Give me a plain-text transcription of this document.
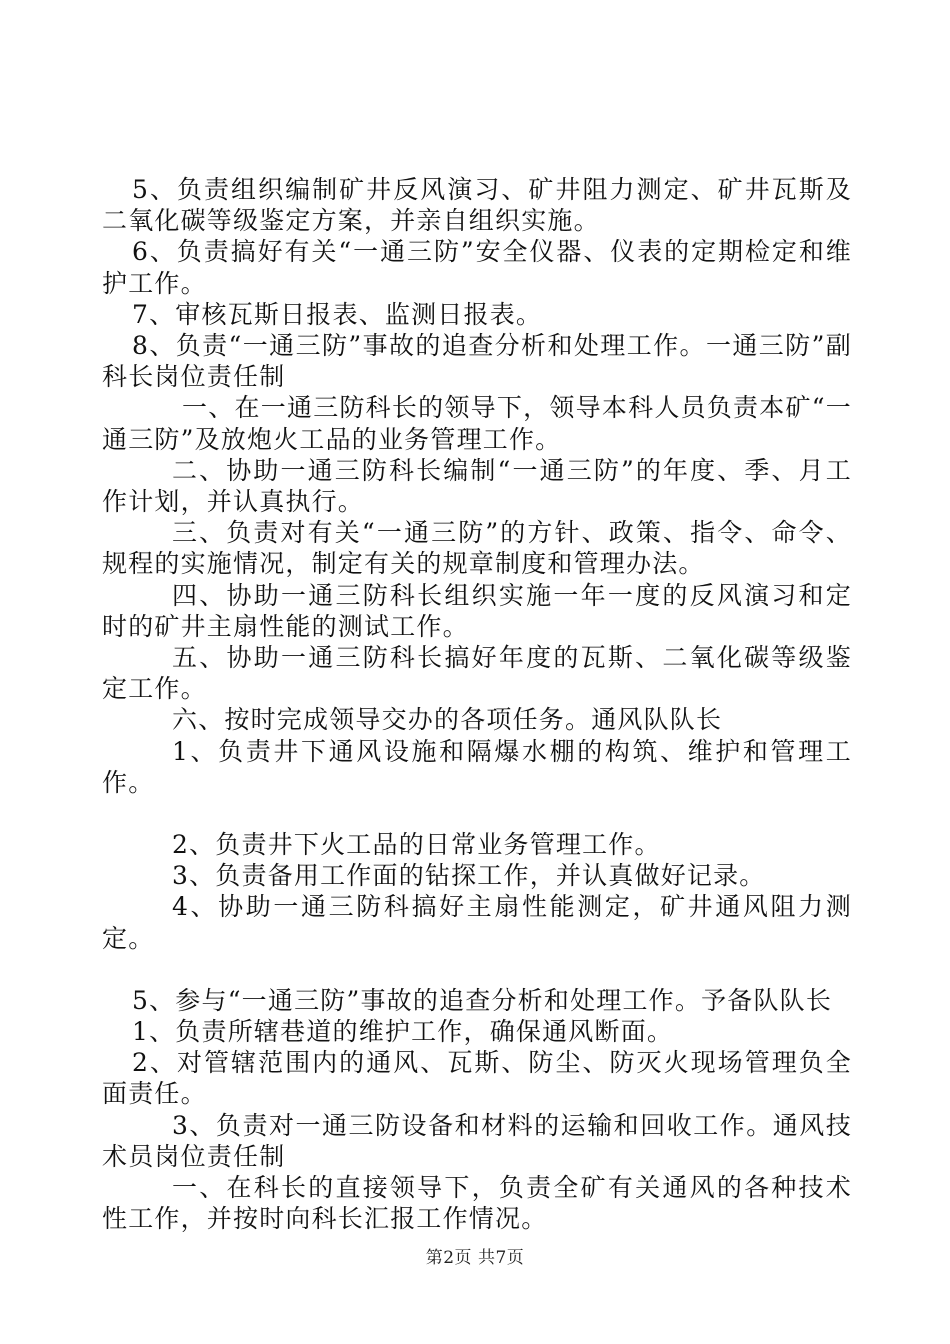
5、负责组织编制矿井反风演习、矿井阻力测定、矿井瓦斯及二氧化碳等级鉴定方案，并亲自组织实施。

6、负责搞好有关“一通三防”安全仪器、仪表的定期检定和维护工作。

7、审核瓦斯日报表、监测日报表。

8、负责“一通三防”事故的追查分析和处理工作。一通三防”副科长岗位责任制

一、在一通三防科长的领导下，领导本科人员负责本矿“一通三防”及放炮火工品的业务管理工作。

二、协助一通三防科长编制“一通三防”的年度、季、月工作计划，并认真执行。

三、负责对有关“一通三防”的方针、政策、指令、命令、规程的实施情况，制定有关的规章制度和管理办法。

四、协助一通三防科长组织实施一年一度的反风演习和定时的矿井主扇性能的测试工作。

五、协助一通三防科长搞好年度的瓦斯、二氧化碳等级鉴定工作。

六、按时完成领导交办的各项任务。通风队队长

1、负责井下通风设施和隔爆水棚的构筑、维护和管理工作。

2、负责井下火工品的日常业务管理工作。

3、负责备用工作面的钻探工作，并认真做好记录。

4、协助一通三防科搞好主扇性能测定，矿井通风阻力测定。

5、参与“一通三防”事故的追查分析和处理工作。予备队队长

1、负责所辖巷道的维护工作，确保通风断面。

2、对管辖范围内的通风、瓦斯、防尘、防灭火现场管理负全面责任。

3、负责对一通三防设备和材料的运输和回收工作。通风技术员岗位责任制

一、在科长的直接领导下，负责全矿有关通风的各种技术性工作，并按时向科长汇报工作情况。

第2页 共7页
